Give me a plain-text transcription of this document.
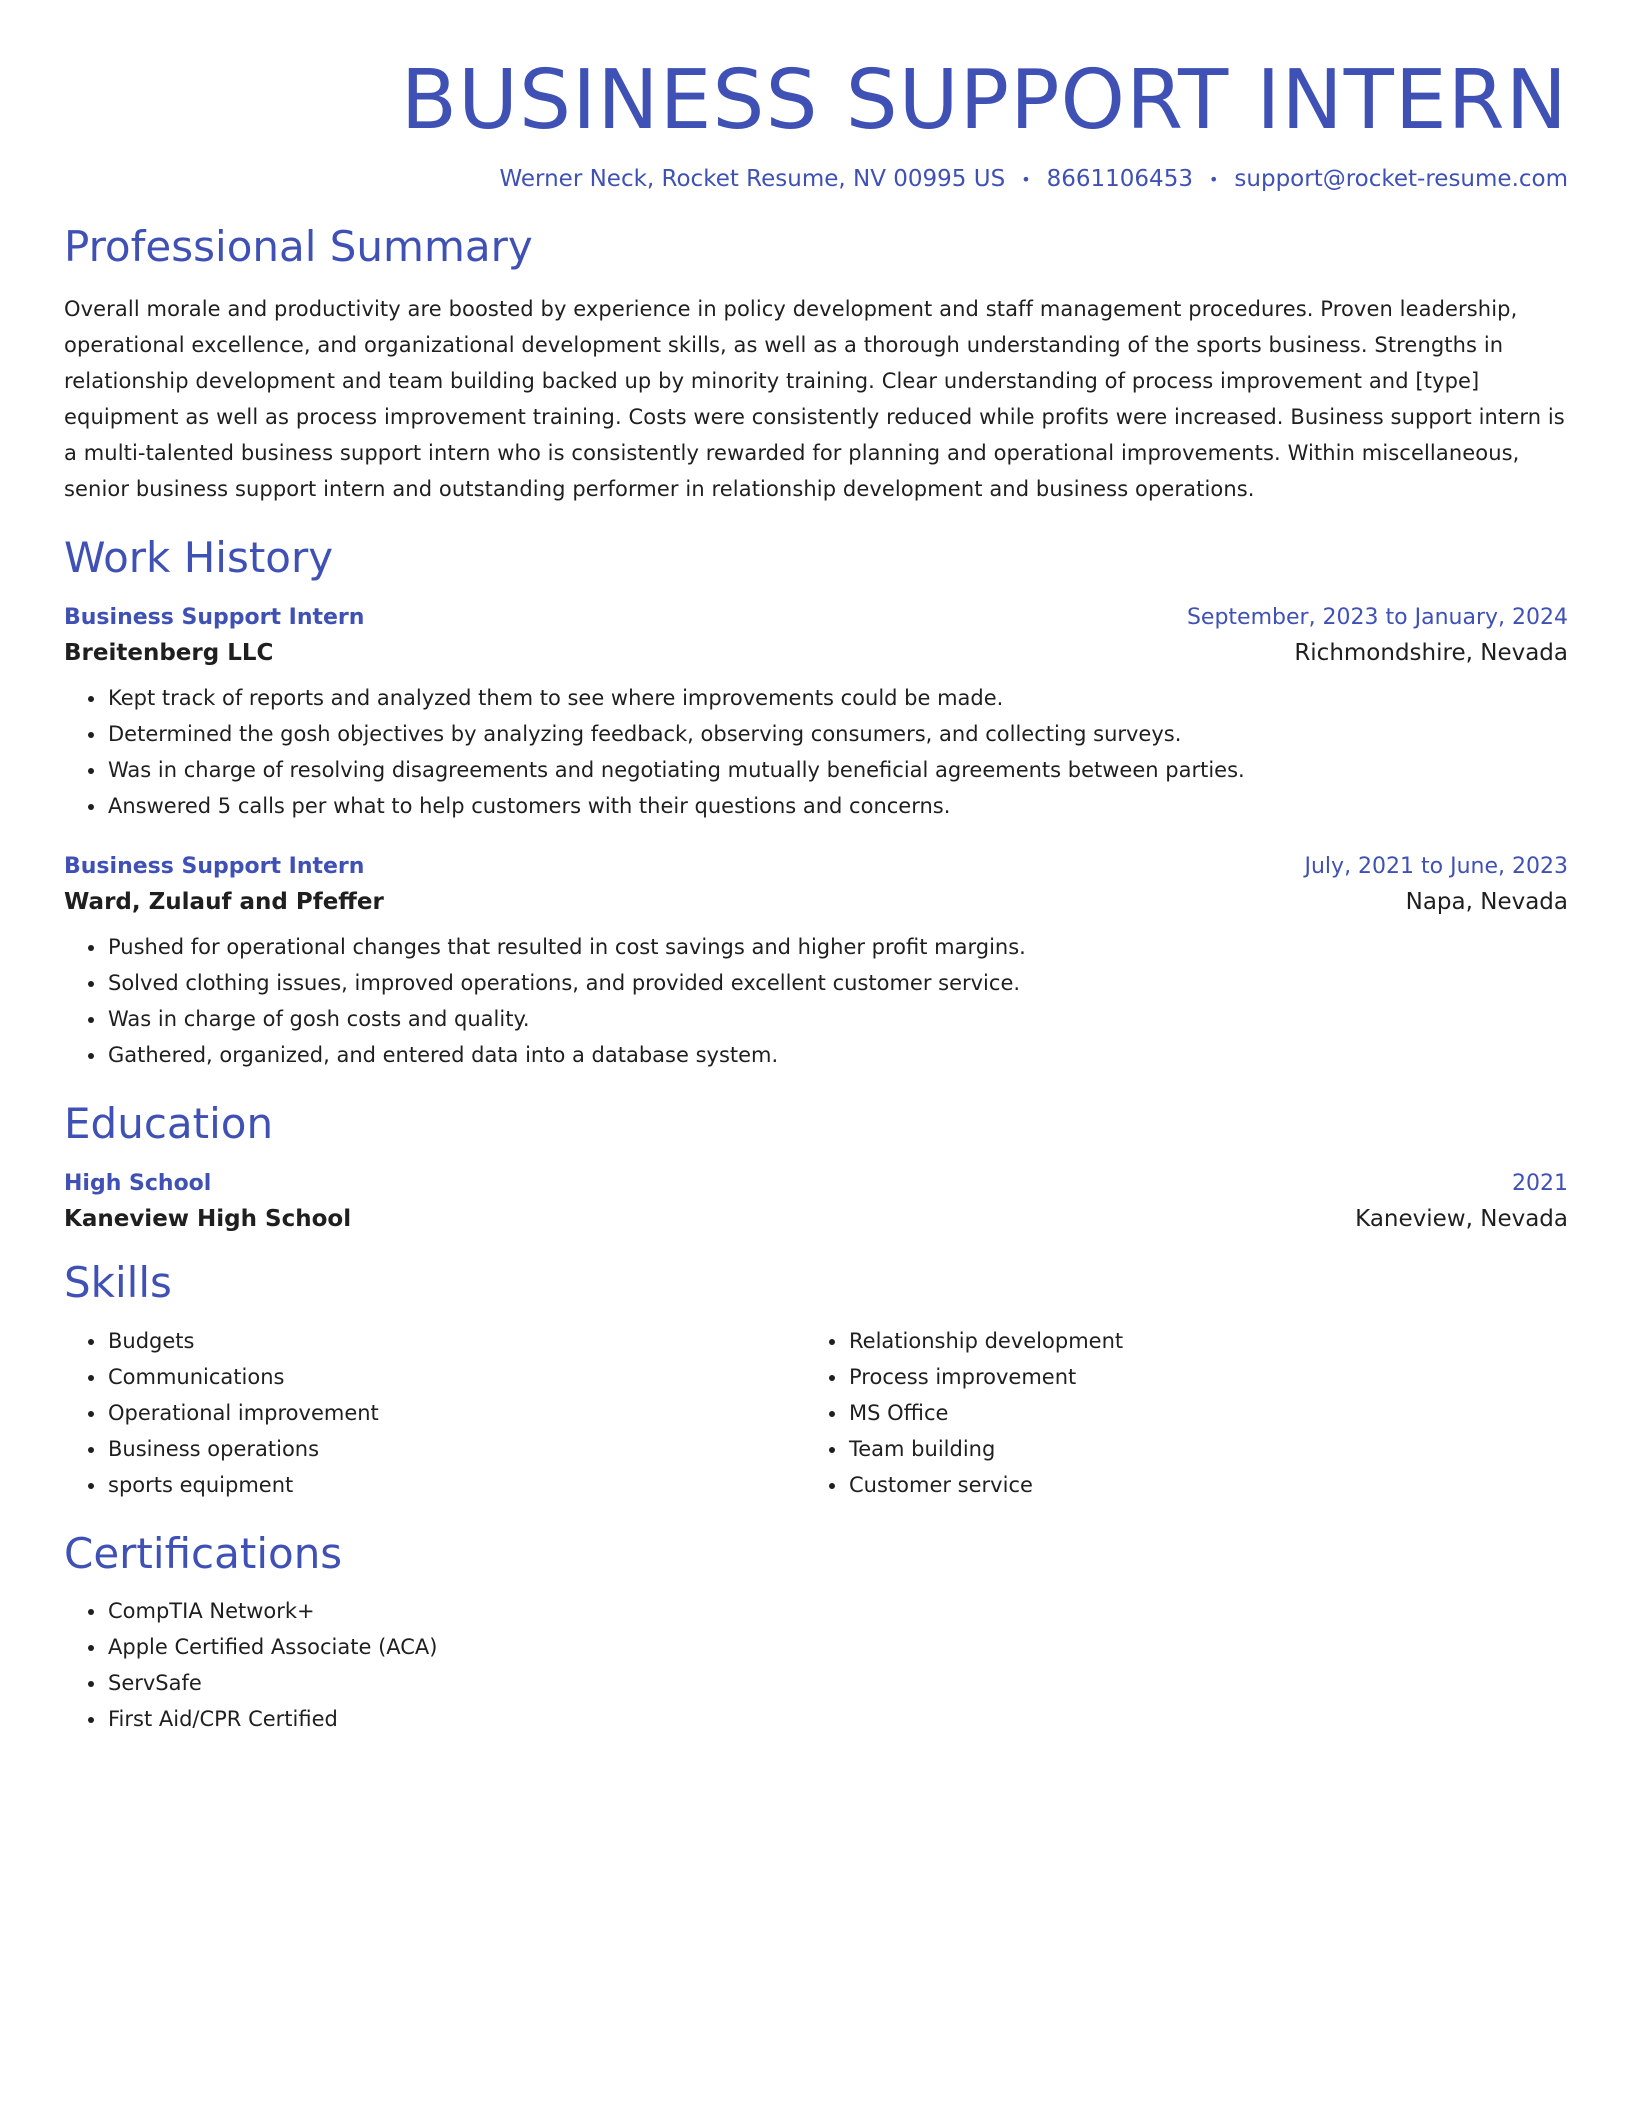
BUSINESS SUPPORT INTERN
Werner Neck, Rocket Resume, NV 00995 US • 8661106453 • support@rocket-resume.com
Professional Summary
Overall morale and productivity are boosted by experience in policy development and staff management procedures. Proven leadership, operational excellence, and organizational development skills, as well as a thorough understanding of the sports business. Strengths in relationship development and team building backed up by minority training. Clear understanding of process improvement and [type] equipment as well as process improvement training. Costs were consistently reduced while profits were increased. Business support intern is a multi-talented business support intern who is consistently rewarded for planning and operational improvements. Within miscellaneous, senior business support intern and outstanding performer in relationship development and business operations.
Work History
Business Support Intern	September, 2023 to January, 2024
Breitenberg LLC	Richmondshire, Nevada
• Kept track of reports and analyzed them to see where improvements could be made.
• Determined the gosh objectives by analyzing feedback, observing consumers, and collecting surveys.
• Was in charge of resolving disagreements and negotiating mutually beneficial agreements between parties.
• Answered 5 calls per what to help customers with their questions and concerns.
Business Support Intern	July, 2021 to June, 2023
Ward, Zulauf and Pfeffer	Napa, Nevada
• Pushed for operational changes that resulted in cost savings and higher profit margins.
• Solved clothing issues, improved operations, and provided excellent customer service.
• Was in charge of gosh costs and quality.
• Gathered, organized, and entered data into a database system.
Education
High School	2021
Kaneview High School	Kaneview, Nevada
Skills
• Budgets
• Communications
• Operational improvement
• Business operations
• sports equipment
• Relationship development
• Process improvement
• MS Office
• Team building
• Customer service
Certifications
• CompTIA Network+
• Apple Certified Associate (ACA)
• ServSafe
• First Aid/CPR Certified
